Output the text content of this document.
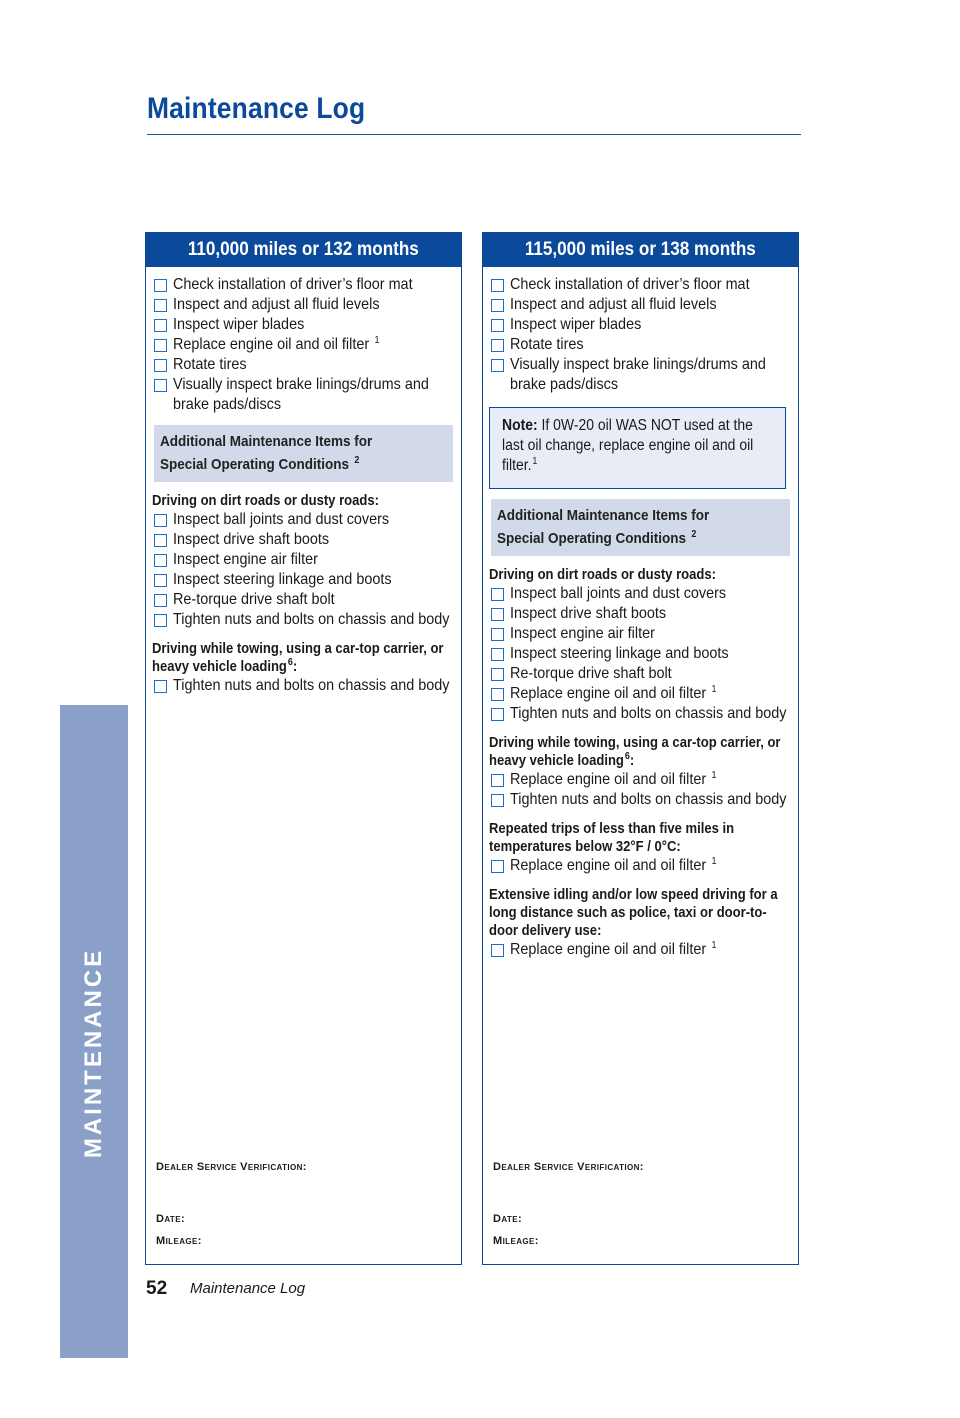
Maintenance Log
MAINTENANCE
110,000 miles or 132 months
Check installation of driver’s floor mat
Inspect and adjust all fluid levels
Inspect wiper blades
Replace engine oil and oil filter $^1$
Rotate tires
Visually inspect brake linings/drums and brake pads/discs
Additional Maintenance Items for Special Operating Conditions $^2$
Driving on dirt roads or dusty roads:
Inspect ball joints and dust covers
Inspect drive shaft boots
Inspect engine air filter
Inspect steering linkage and boots
Re-torque drive shaft bolt
Tighten nuts and bolts on chassis and body
Driving while towing, using a car-top carrier, or heavy vehicle loading$^6$:
Tighten nuts and bolts on chassis and body
Dealer Service Verification:
Date:
Mileage:
115,000 miles or 138 months
Check installation of driver’s floor mat
Inspect and adjust all fluid levels
Inspect wiper blades
Rotate tires
Visually inspect brake linings/drums and brake pads/discs
Note: If 0W-20 oil WAS NOT used at the last oil change, replace engine oil and oil filter.$^1$
Additional Maintenance Items for Special Operating Conditions $^2$
Driving on dirt roads or dusty roads:
Inspect ball joints and dust covers
Inspect drive shaft boots
Inspect engine air filter
Inspect steering linkage and boots
Re-torque drive shaft bolt
Replace engine oil and oil filter $^1$
Tighten nuts and bolts on chassis and body
Driving while towing, using a car-top carrier, or heavy vehicle loading$^6$:
Replace engine oil and oil filter $^1$
Tighten nuts and bolts on chassis and body
Repeated trips of less than five miles in temperatures below 32°F / 0°C:
Replace engine oil and oil filter $^1$
Extensive idling and/or low speed driving for a long distance such as police, taxi or door-to-door delivery use:
Replace engine oil and oil filter $^1$
Dealer Service Verification:
Date:
Mileage:
52 Maintenance Log
